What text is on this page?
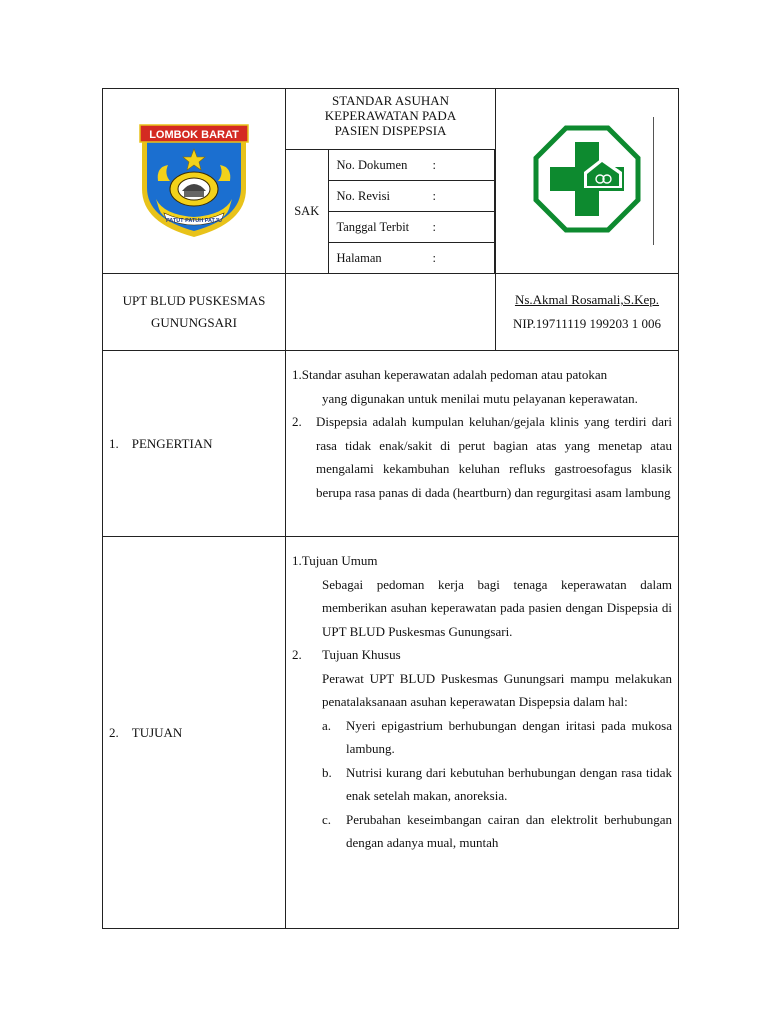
LOMBOK BARAT
PATUT PATUH PATJU

STANDAR ASUHAN
KEPERAWATAN PADA
PASIEN DISPEPSIA
SAK	
No. Dokumen	:

No. Revisi	:

Tanggal Terbit	:

Halaman	:

UPT BLUD PUSKESMAS
GUNUNGSARI

Ns.Akmal Rosamali,S.Kep.
NIP.19711119 199203 1 006

1.    PENGERTIAN	
1. Standar asuhan keperawatan adalah pedoman atau patokan
yang digunakan untuk menilai mutu pelayanan keperawatan.
2. Dispepsia adalah kumpulan keluhan/gejala klinis yang terdiri dari rasa tidak enak/sakit di perut bagian atas yang menetap atau mengalami kekambuhan keluhan refluks gastroesofagus klasik berupa rasa panas di dada (heartburn) dan regurgitasi asam lambung

2.    TUJUAN	
1.Tujuan Umum
Sebagai pedoman kerja bagi tenaga keperawatan dalam memberikan asuhan keperawatan pada pasien dengan Dispepsia di UPT BLUD Puskesmas Gunungsari.
2.	Tujuan Khusus
Perawat UPT BLUD Puskesmas Gunungsari mampu melakukan penatalaksanaan asuhan keperawatan Dispepsia dalam hal:
a.	Nyeri epigastrium berhubungan dengan iritasi pada mukosa lambung.
b.	Nutrisi kurang dari kebutuhan berhubungan dengan rasa tidak enak setelah makan, anoreksia.
c.	Perubahan keseimbangan cairan dan elektrolit berhubungan dengan adanya mual, muntah
